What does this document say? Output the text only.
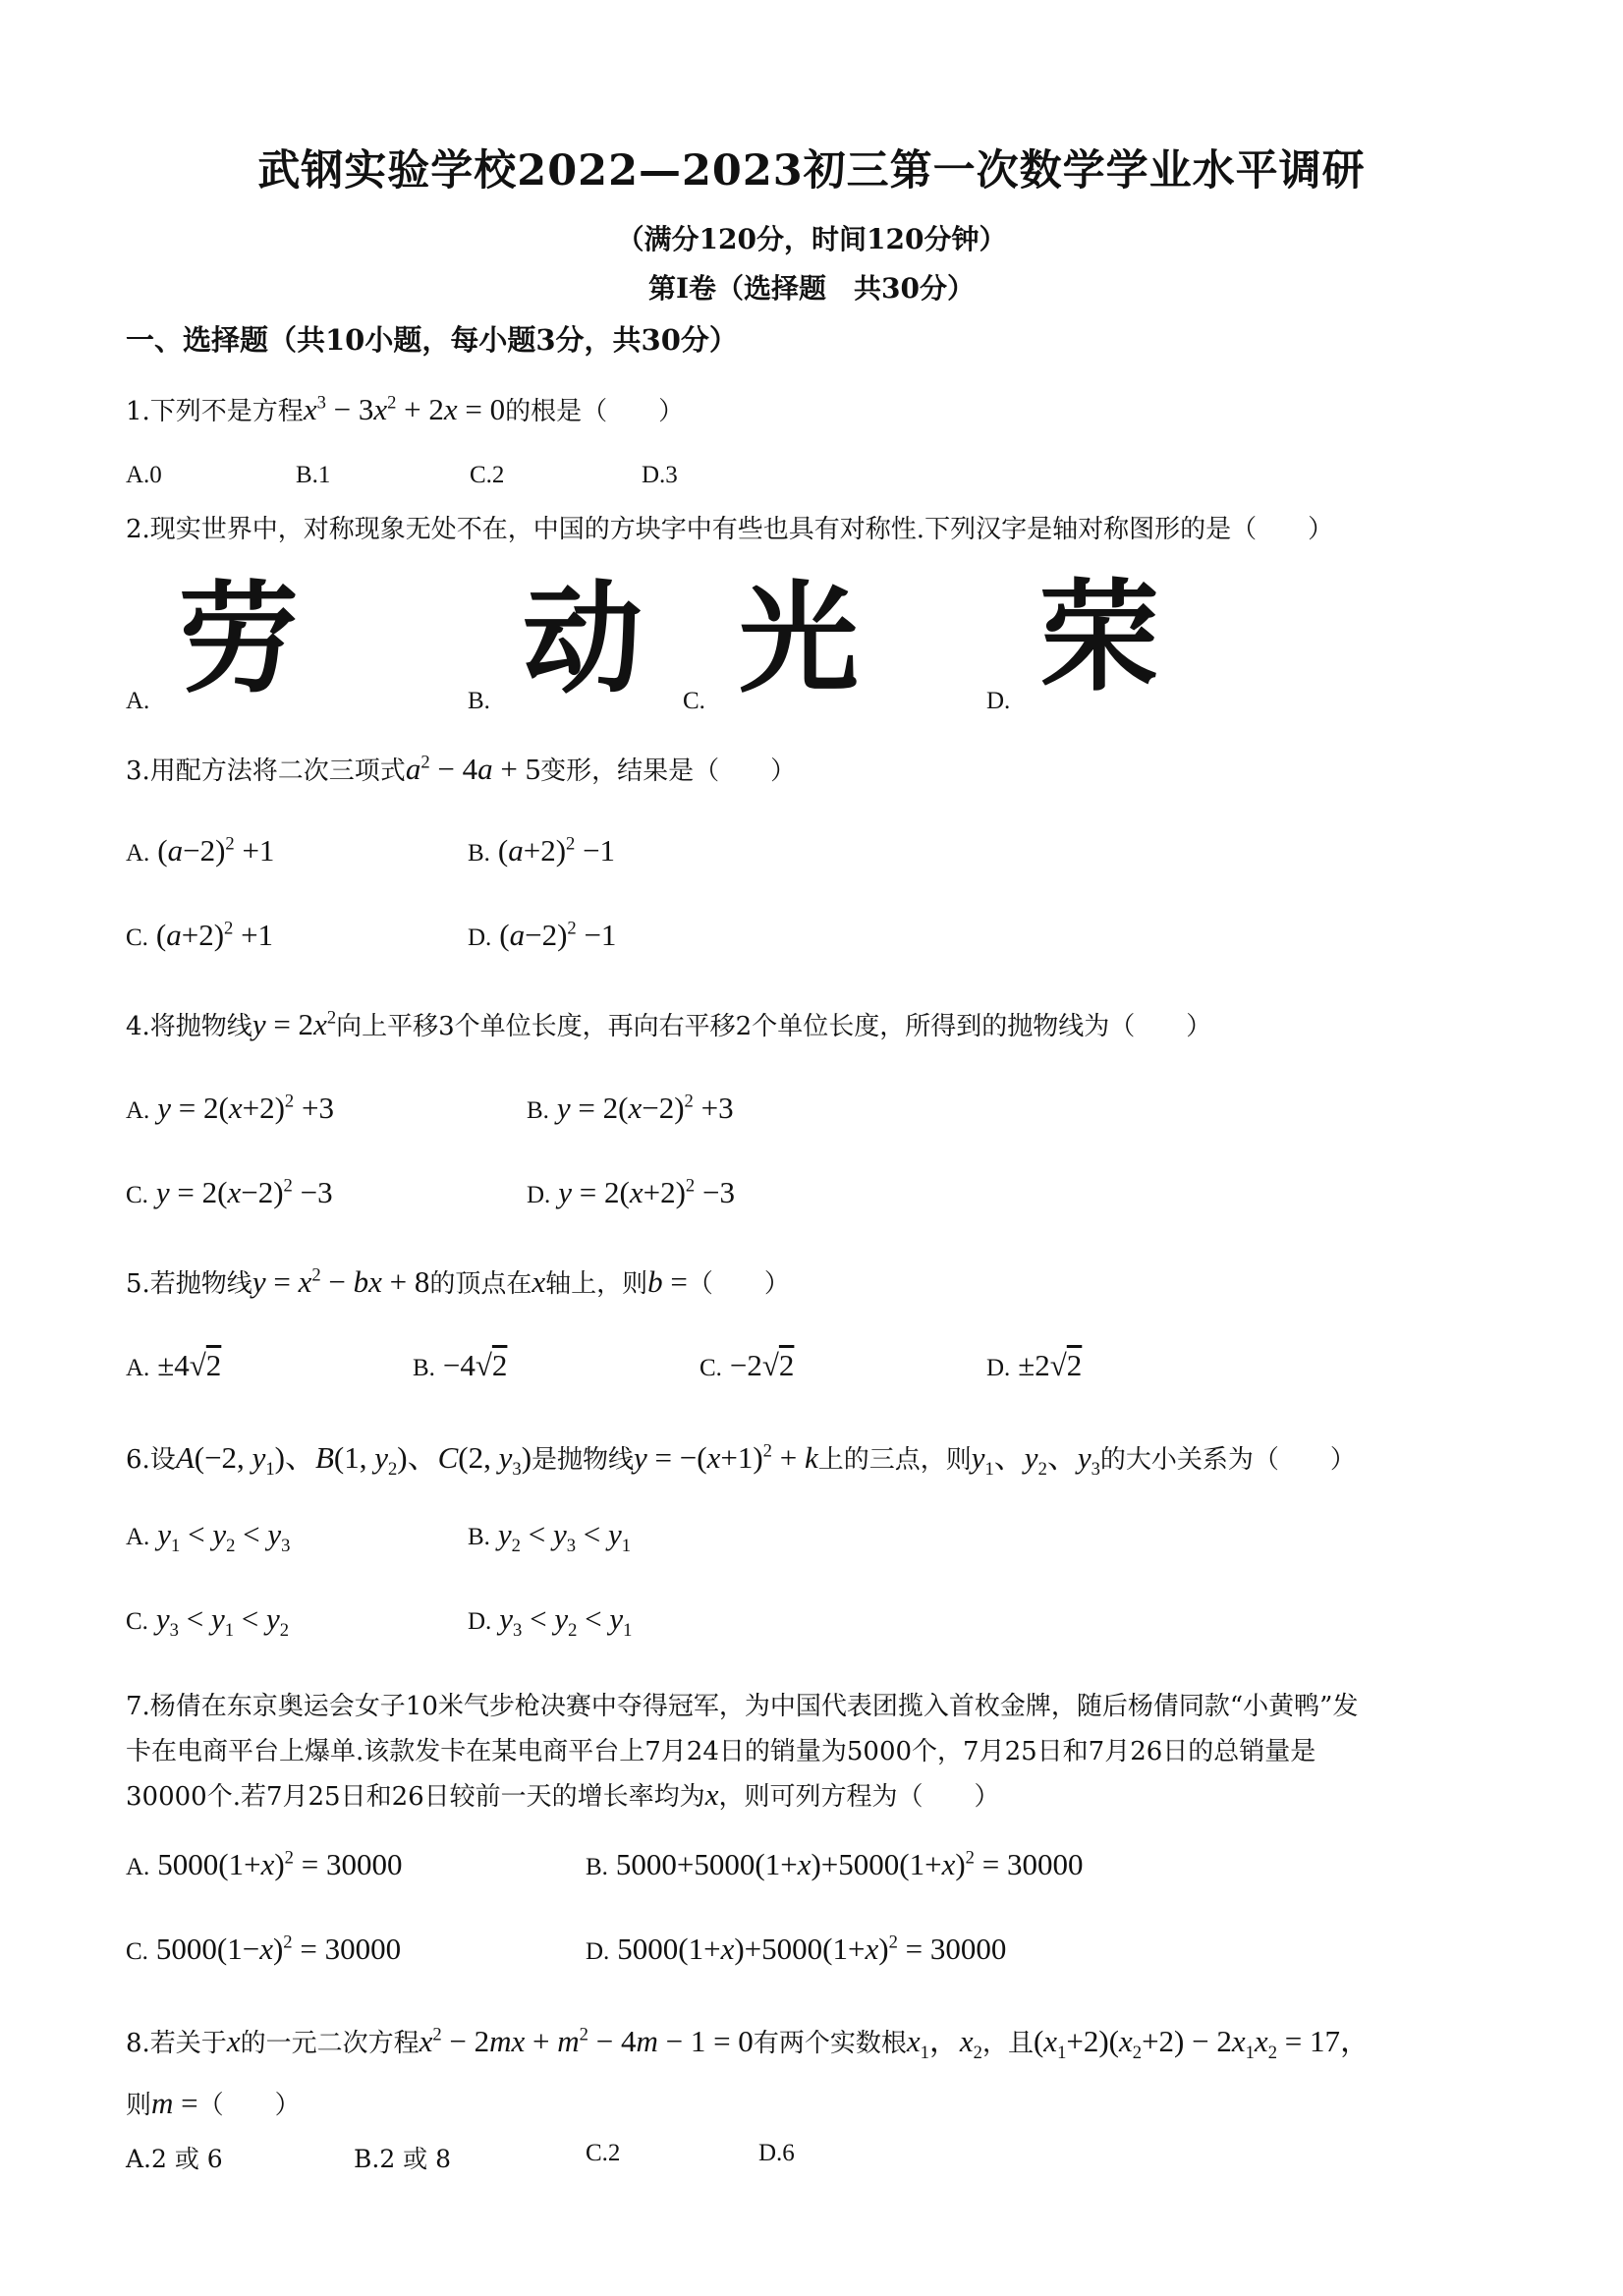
武钢实验学校2022—2023初三第一次数学学业水平调研
（满分120分，时间120分钟）
第I卷（选择题　共30分）
一、选择题（共10小题，每小题3分，共30分）
1.下列不是方程$x^3 - 3x^2 + 2x = 0$的根是（　　）
A.0	B.1	C.2	D.3
2.现实世界中，对称现象无处不在，中国的方块字中有些也具有对称性.下列汉字是轴对称图形的是（　　）
劳 动 光 荣
A.	B.	C.	D.
3.用配方法将二次三项式$a^2 - 4a + 5$变形，结果是（　　）
A. $(a-2)^2 +1$	B. $(a+2)^2 -1$
C. $(a+2)^2 +1$	D. $(a-2)^2 -1$
4.将抛物线$y = 2x^2$向上平移3个单位长度，再向右平移2个单位长度，所得到的抛物线为（　　）
A. $y = 2(x+2)^2 +3$	B. $y = 2(x-2)^2 +3$
C. $y = 2(x-2)^2 -3$	D. $y = 2(x+2)^2 -3$
5.若抛物线$y = x^2$ − bx + 8的顶点在x轴上，则b =（　　）
A. ±4√2	B. −4√2	C. −2√2	D. ±2√2
6.设A(−2, $y_1$)、B(1, $y_2$)、C(2, $y_3$)是抛物线$y = -(x+1)^2 + k$上的三点，则$y_1$、$y_2$、$y_3$的大小关系为（　　）
A. $y_1 < y_2 < y_3$	B. $y_2 < y_3 < y_1$
C. $y_3 < y_1 < y_2$	D. $y_3 < y_2 < y_1$
7.杨倩在东京奥运会女子10米气步枪决赛中夺得冠军，为中国代表团揽入首枚金牌，随后杨倩同款“小黄鸭”发
卡在电商平台上爆单.该款发卡在某电商平台上7月24日的销量为5000个，7月25日和7月26日的总销量是
30000个.若7月25日和26日较前一天的增长率均为x，则可列方程为（　　）
A. $5000(1+x)^2 = 30000$	B. $5000+5000(1+x)+5000(1+x)^2 = 30000$
C. $5000(1-x)^2 = 30000$	D. $5000(1+x)+5000(1+x)^2 = 30000$
8.若关于x的一元二次方程$x^2 - 2mx + m^2 - 4m - 1 = 0$有两个实数根$x_1$，$x_2$，且$(x_1+2)(x_2+2) - 2x_1x_2 = 17$，
则m =（　　）
A.2 或 6	B.2 或 8	C.2	D.6
